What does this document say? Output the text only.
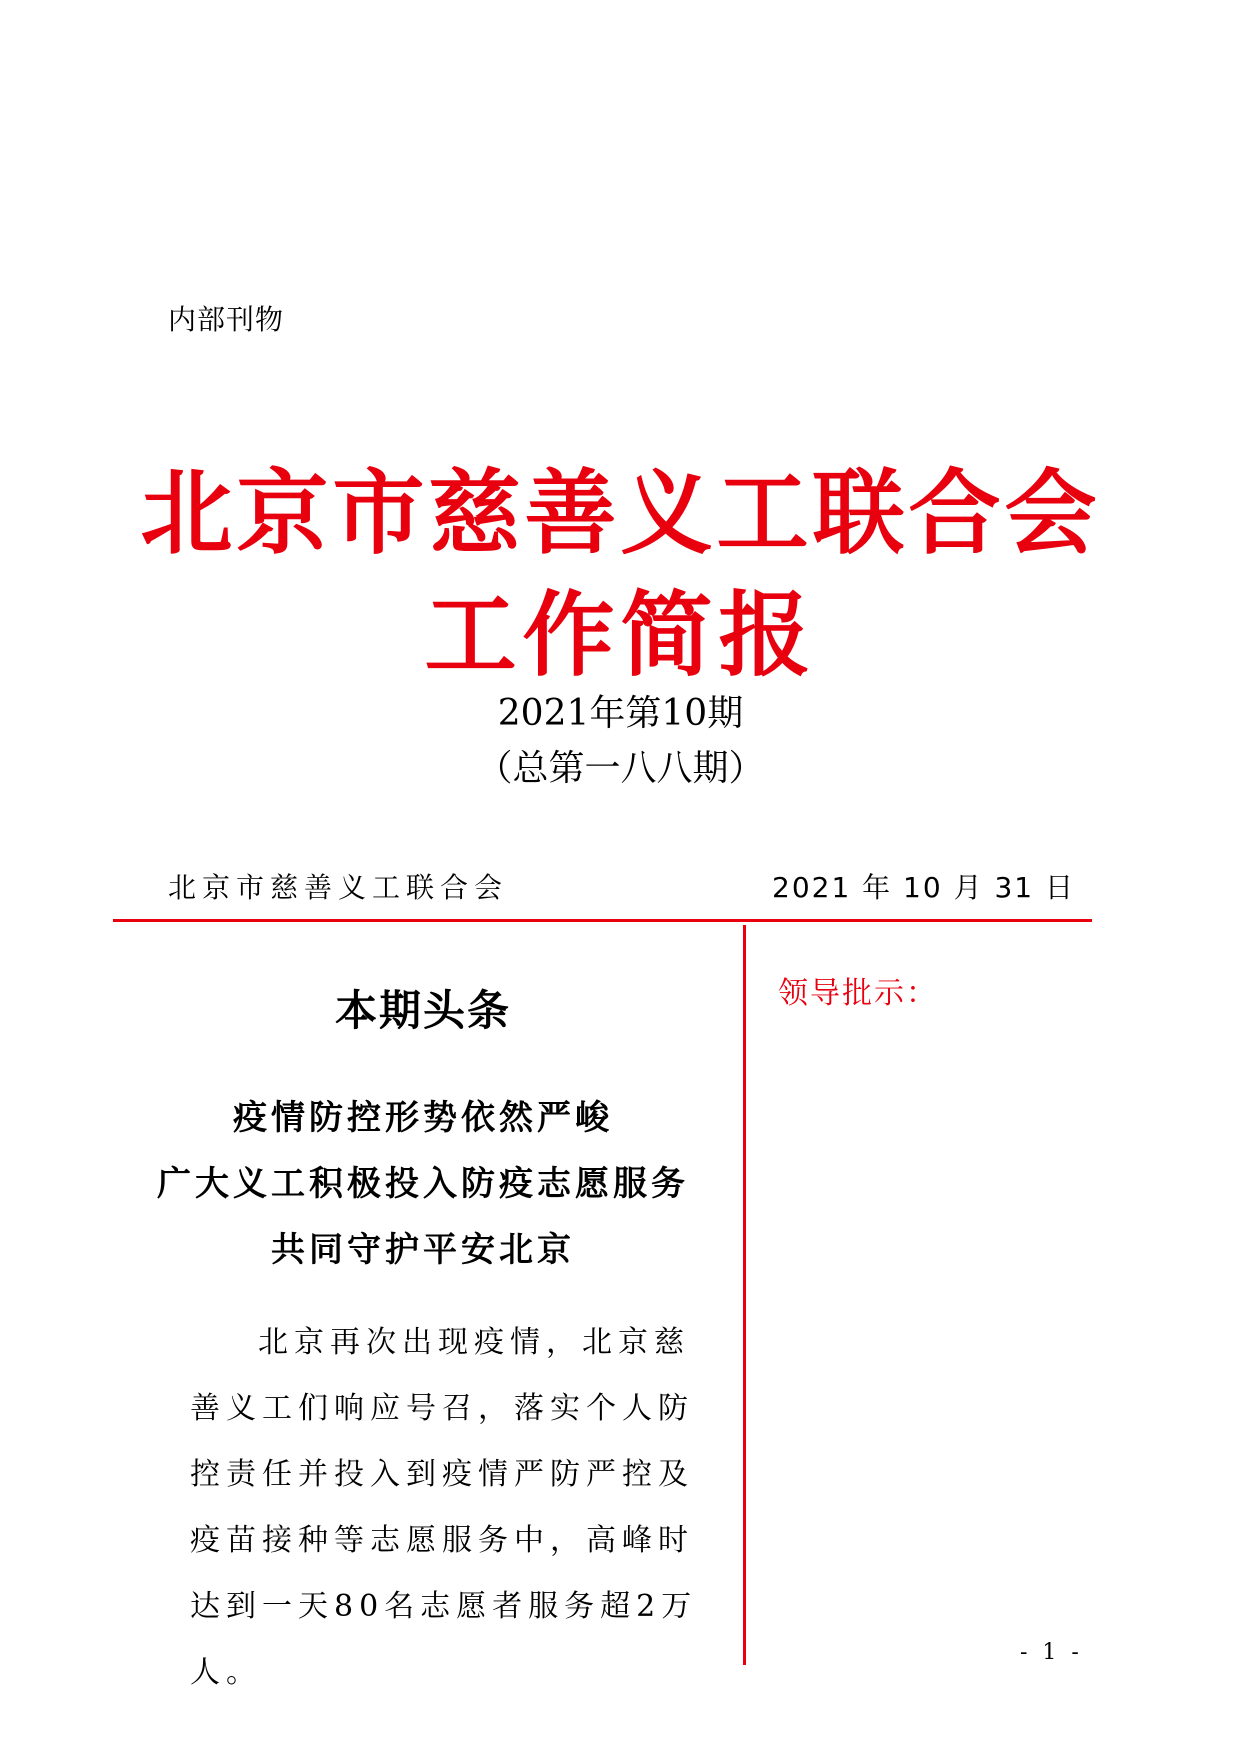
内部刊物
北京市慈善义工联合会
工作简报
2021年第10期
（总第一八八期）
北京市慈善义工联合会	2021 年 10 月 31 日
本期头条
疫情防控形势依然严峻
广大义工积极投入防疫志愿服务
共同守护平安北京
北京再次出现疫情，北京慈善义工们响应号召，落实个人防控责任并投入到疫情严防严控及疫苗接种等志愿服务中，高峰时达到一天80名志愿者服务超2万人。
领导批示：
- 1 -
